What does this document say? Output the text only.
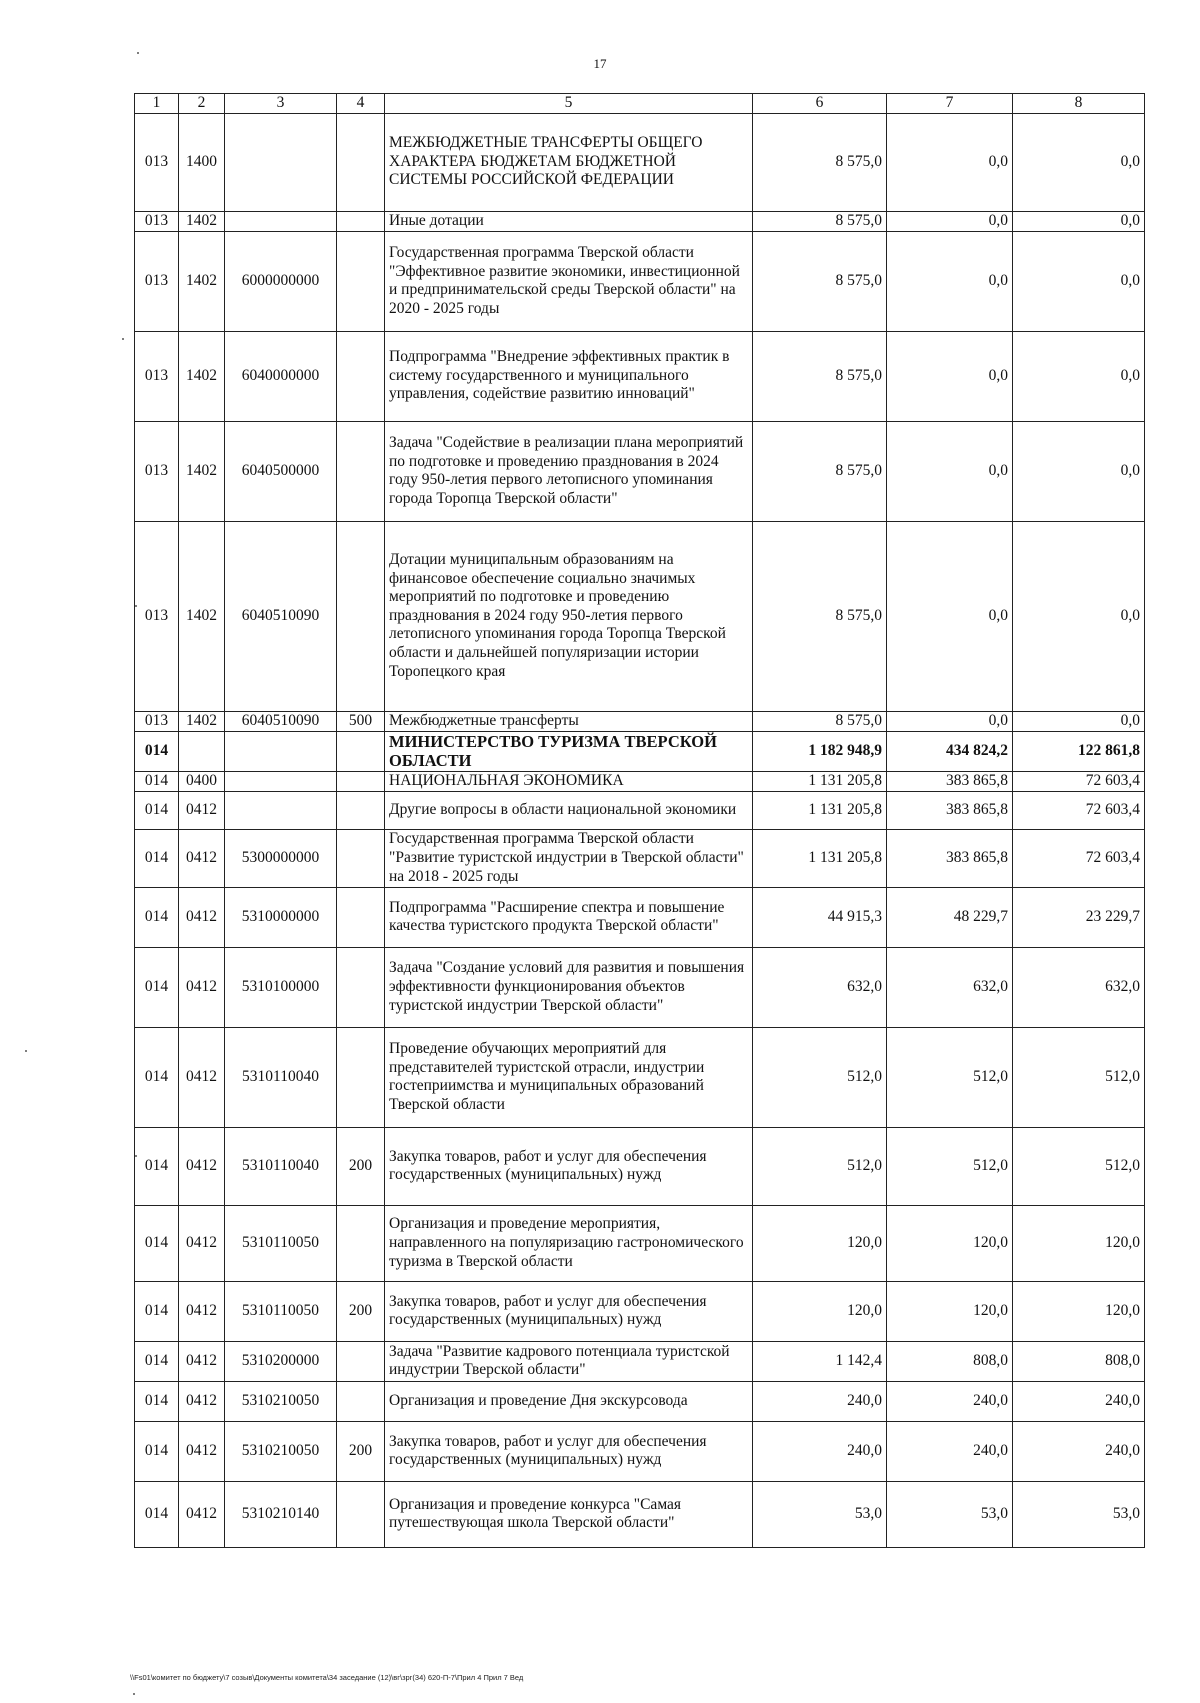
17
1	2	3	4	5	6	7	8
013	1400			МЕЖБЮДЖЕТНЫЕ ТРАНСФЕРТЫ ОБЩЕГО ХАРАКТЕРА БЮДЖЕТАМ БЮДЖЕТНОЙ СИСТЕМЫ РОССИЙСКОЙ ФЕДЕРАЦИИ	8 575,0	0,0	0,0
013	1402			Иные дотации	8 575,0	0,0	0,0
013	1402	6000000000		Государственная программа Тверской области "Эффективное развитие экономики, инвестиционной и предпринимательской среды Тверской области" на 2020 - 2025 годы	8 575,0	0,0	0,0
013	1402	6040000000		Подпрограмма "Внедрение эффективных практик в систему государственного и муниципального управления, содействие развитию инноваций"	8 575,0	0,0	0,0
013	1402	6040500000		Задача "Содействие в реализации плана мероприятий по подготовке и проведению празднования в 2024 году 950-летия первого летописного упоминания города Торопца Тверской области"	8 575,0	0,0	0,0
013	1402	6040510090		Дотации муниципальным образованиям на финансовое обеспечение социально значимых мероприятий по подготовке и проведению празднования в 2024 году 950-летия первого летописного упоминания города Торопца Тверской области и дальнейшей популяризации истории Торопецкого края	8 575,0	0,0	0,0
013	1402	6040510090	500	Межбюджетные трансферты	8 575,0	0,0	0,0
014				МИНИСТЕРСТВО ТУРИЗМА ТВЕРСКОЙ ОБЛАСТИ	1 182 948,9	434 824,2	122 861,8
014	0400			НАЦИОНАЛЬНАЯ ЭКОНОМИКА	1 131 205,8	383 865,8	72 603,4
014	0412			Другие вопросы в области национальной экономики	1 131 205,8	383 865,8	72 603,4
014	0412	5300000000		Государственная программа Тверской области "Развитие туристской индустрии в Тверской области" на 2018 - 2025 годы	1 131 205,8	383 865,8	72 603,4
014	0412	5310000000		Подпрограмма "Расширение спектра и повышение качества туристского продукта Тверской области"	44 915,3	48 229,7	23 229,7
014	0412	5310100000		Задача "Создание условий для развития и повышения эффективности функционирования объектов туристской индустрии Тверской области"	632,0	632,0	632,0
014	0412	5310110040		Проведение обучающих мероприятий для представителей туристской отрасли, индустрии гостеприимства и муниципальных образований Тверской области	512,0	512,0	512,0
014	0412	5310110040	200	Закупка товаров, работ и услуг для обеспечения государственных (муниципальных) нужд	512,0	512,0	512,0
014	0412	5310110050		Организация и проведение мероприятия, направленного на популяризацию гастрономического туризма в Тверской области	120,0	120,0	120,0
014	0412	5310110050	200	Закупка товаров, работ и услуг для обеспечения государственных (муниципальных) нужд	120,0	120,0	120,0
014	0412	5310200000		Задача "Развитие кадрового потенциала туристской индустрии Тверской области"	1 142,4	808,0	808,0
014	0412	5310210050		Организация и проведение Дня экскурсовода	240,0	240,0	240,0
014	0412	5310210050	200	Закупка товаров, работ и услуг для обеспечения государственных (муниципальных) нужд	240,0	240,0	240,0
014	0412	5310210140		Организация и проведение конкурса "Самая путешествующая школа Тверской области"	53,0	53,0	53,0
\\Fs01\комитет по бюджету\7 созыв\Документы комитета\34 заседание (12)\вг\зрг(34) 620-П-7\Прил 4 Прил 7 Вед
